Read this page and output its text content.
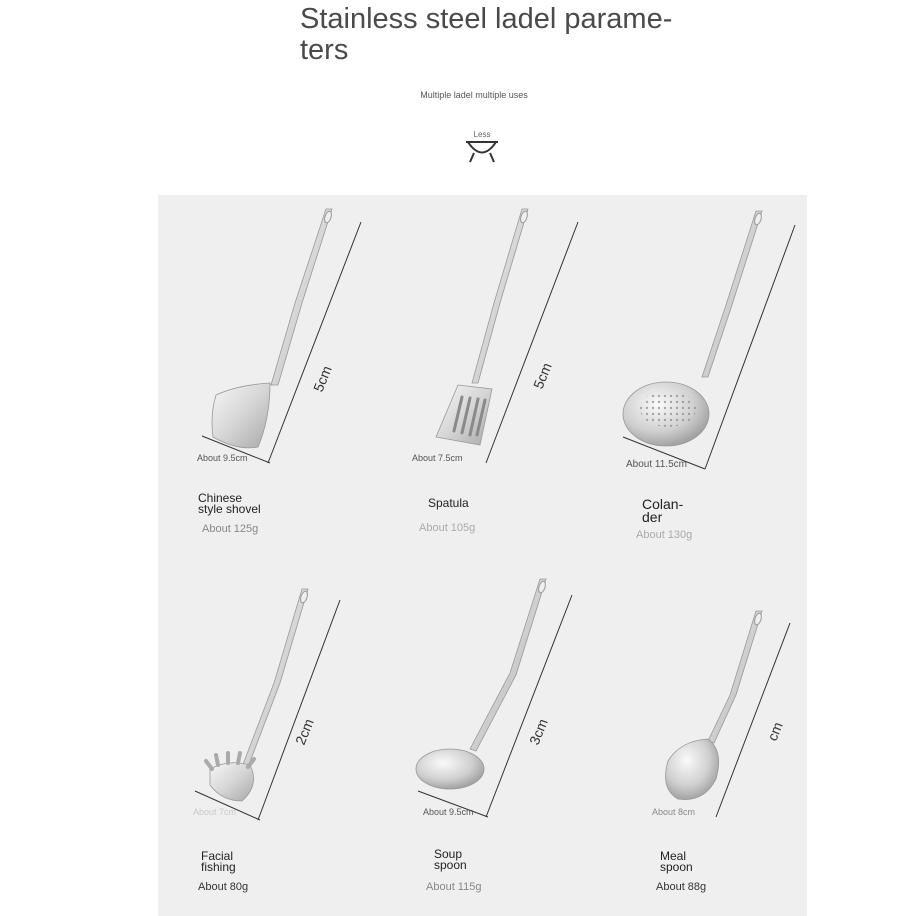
Stainless steel ladel parame-
ters
Multiple ladel multiple uses
Less
5cm
About 9.5cm
Chinese
style shovel
About 125g
5cm
About 7.5cm
Spatula
About 105g
About 11.5cm
Colan-
der
About 130g
2cm
About 7cm
Facial
fishing
About 80g
3cm
About 9.5cm
Soup
spoon
About 115g
cm
About 8cm
Meal
spoon
About 88g
